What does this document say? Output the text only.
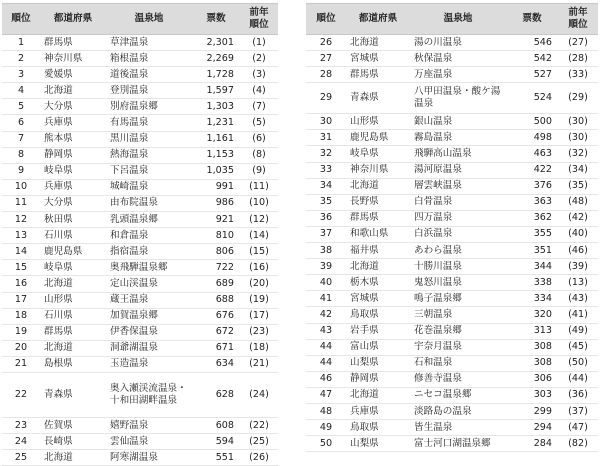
順位	都道府県	温泉地	票数	前年
順位
1	群馬県	草津温泉	2,301	(1)
2	神奈川県	箱根温泉	2,269	(2)
3	愛媛県	道後温泉	1,728	(3)
4	北海道	登別温泉	1,597	(4)
5	大分県	別府温泉郷	1,303	(7)
6	兵庫県	有馬温泉	1,231	(5)
7	熊本県	黒川温泉	1,161	(6)
8	静岡県	熱海温泉	1,153	(8)
9	岐阜県	下呂温泉	1,035	(9)
10	兵庫県	城崎温泉	991	(11)
11	大分県	由布院温泉	986	(10)
12	秋田県	乳頭温泉郷	921	(12)
13	石川県	和倉温泉	810	(14)
14	鹿児島県	指宿温泉	806	(15)
15	岐阜県	奥飛騨温泉郷	722	(16)
16	北海道	定山渓温泉	689	(20)
17	山形県	蔵王温泉	688	(19)
18	石川県	加賀温泉郷	676	(17)
19	群馬県	伊香保温泉	672	(23)
20	北海道	洞爺湖温泉	671	(18)
21	島根県	玉造温泉	634	(21)
22	青森県	奥入瀬渓流温泉・十和田湖畔温泉	628	(24)
23	佐賀県	嬉野温泉	608	(22)
24	長崎県	雲仙温泉	594	(25)
25	北海道	阿寒湖温泉	551	(26)
順位	都道府県	温泉地	票数	前年
順位
26	北海道	湯の川温泉	546	(27)
27	宮城県	秋保温泉	542	(28)
28	群馬県	万座温泉	527	(33)
29	青森県	八甲田温泉・酸ケ湯温泉	524	(29)
30	山形県	銀山温泉	500	(30)
31	鹿児島県	霧島温泉	498	(30)
32	岐阜県	飛騨高山温泉	463	(32)
33	神奈川県	湯河原温泉	422	(34)
34	北海道	層雲峡温泉	376	(35)
35	長野県	白骨温泉	363	(48)
36	群馬県	四万温泉	362	(42)
37	和歌山県	白浜温泉	355	(40)
38	福井県	あわら温泉	351	(46)
39	北海道	十勝川温泉	344	(39)
40	栃木県	鬼怒川温泉	338	(13)
41	宮城県	鳴子温泉郷	334	(43)
42	鳥取県	三朝温泉	320	(41)
43	岩手県	花巻温泉郷	313	(49)
44	富山県	宇奈月温泉	308	(45)
44	山梨県	石和温泉	308	(50)
46	静岡県	修善寺温泉	306	(44)
47	北海道	ニセコ温泉郷	303	(36)
48	兵庫県	淡路島の温泉	299	(37)
49	鳥取県	皆生温泉	294	(47)
50	山梨県	富士河口湖温泉郷	284	(82)
